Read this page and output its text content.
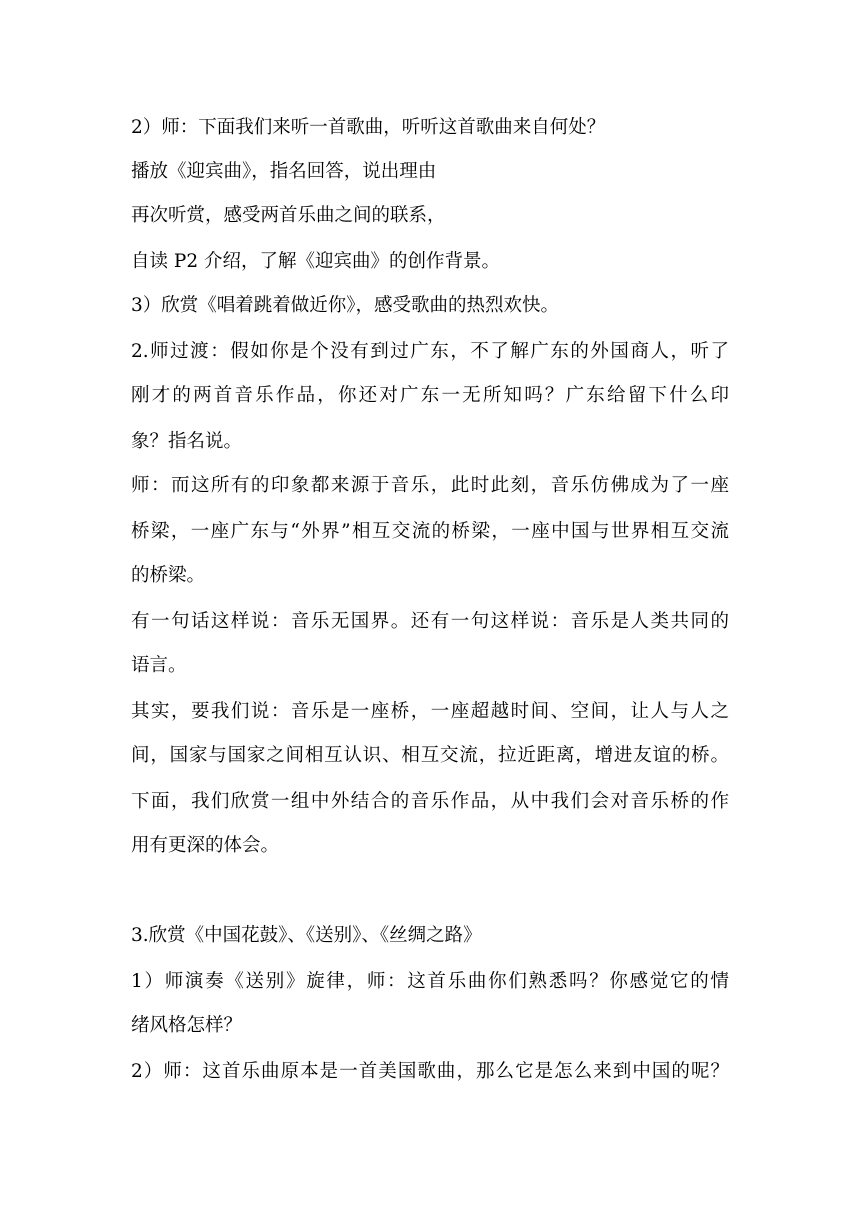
2）师：下面我们来听一首歌曲，听听这首歌曲来自何处？

播放《迎宾曲》，指名回答，说出理由

再次听赏，感受两首乐曲之间的联系，

自读 P2 介绍，了解《迎宾曲》的创作背景。

3）欣赏《唱着跳着做近你》，感受歌曲的热烈欢快。

2.师过渡：假如你是个没有到过广东，不了解广东的外国商人，听了

刚才的两首音乐作品，你还对广东一无所知吗？广东给留下什么印

象？指名说。

师：而这所有的印象都来源于音乐，此时此刻，音乐仿佛成为了一座

桥梁，一座广东与“外界”相互交流的桥梁，一座中国与世界相互交流

的桥梁。

有一句话这样说：音乐无国界。还有一句这样说：音乐是人类共同的

语言。

其实，要我们说：音乐是一座桥，一座超越时间、空间，让人与人之

间，国家与国家之间相互认识、相互交流，拉近距离，增进友谊的桥。

下面，我们欣赏一组中外结合的音乐作品，从中我们会对音乐桥的作

用有更深的体会。

3.欣赏《中国花鼓》、《送别》、《丝绸之路》

1）师演奏《送别》旋律，师：这首乐曲你们熟悉吗？你感觉它的情

绪风格怎样？

2）师：这首乐曲原本是一首美国歌曲，那么它是怎么来到中国的呢？
